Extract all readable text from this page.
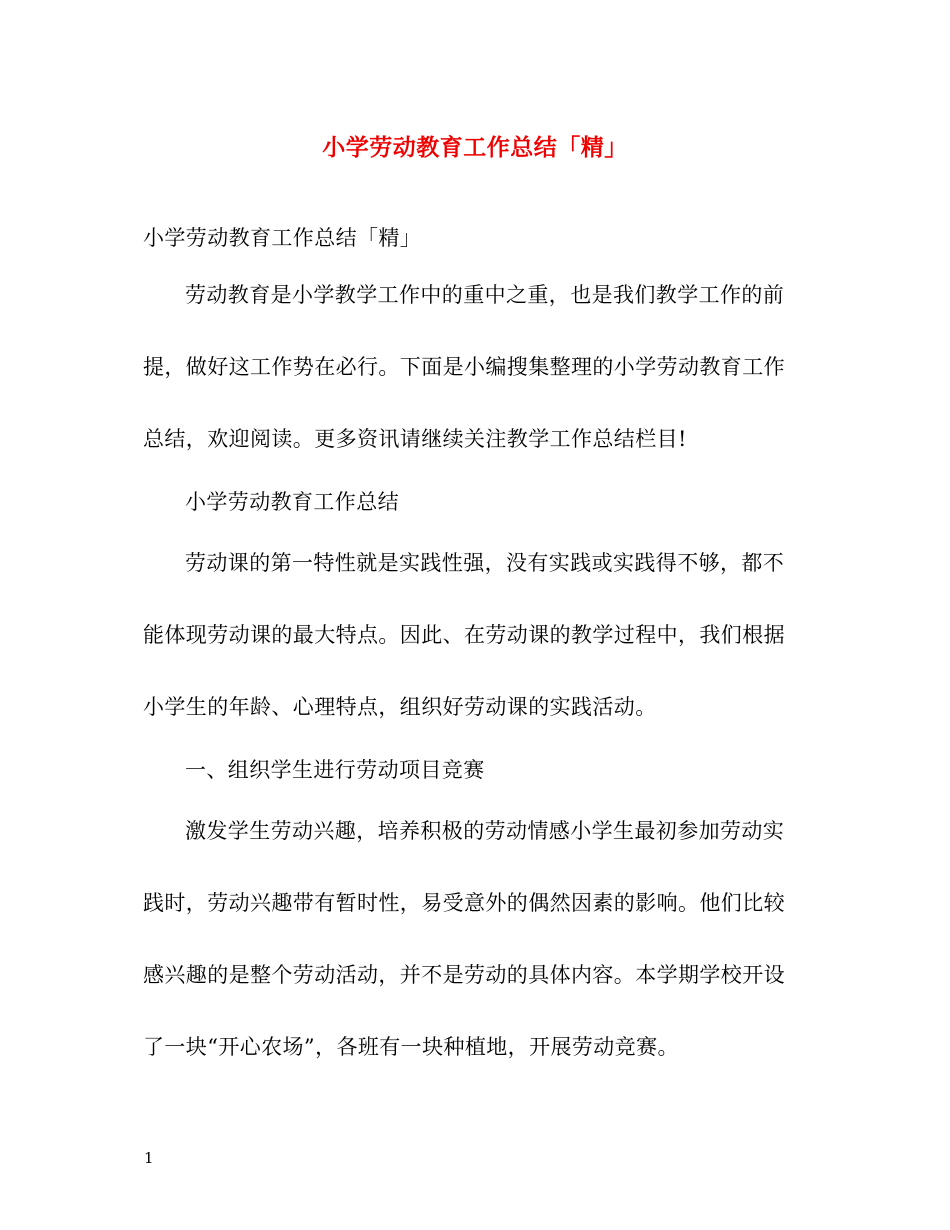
小学劳动教育工作总结「精」
小学劳动教育工作总结「精」
劳动教育是小学教学工作中的重中之重，也是我们教学工作的前
提，做好这工作势在必行。下面是小编搜集整理的小学劳动教育工作
总结，欢迎阅读。更多资讯请继续关注教学工作总结栏目!
小学劳动教育工作总结
劳动课的第一特性就是实践性强，没有实践或实践得不够，都不
能体现劳动课的最大特点。因此、在劳动课的教学过程中，我们根据
小学生的年龄、心理特点，组织好劳动课的实践活动。
一、组织学生进行劳动项目竞赛
激发学生劳动兴趣，培养积极的劳动情感小学生最初参加劳动实
践时，劳动兴趣带有暂时性，易受意外的偶然因素的影响。他们比较
感兴趣的是整个劳动活动，并不是劳动的具体内容。本学期学校开设
了一块“开心农场”，各班有一块种植地，开展劳动竞赛。
1
